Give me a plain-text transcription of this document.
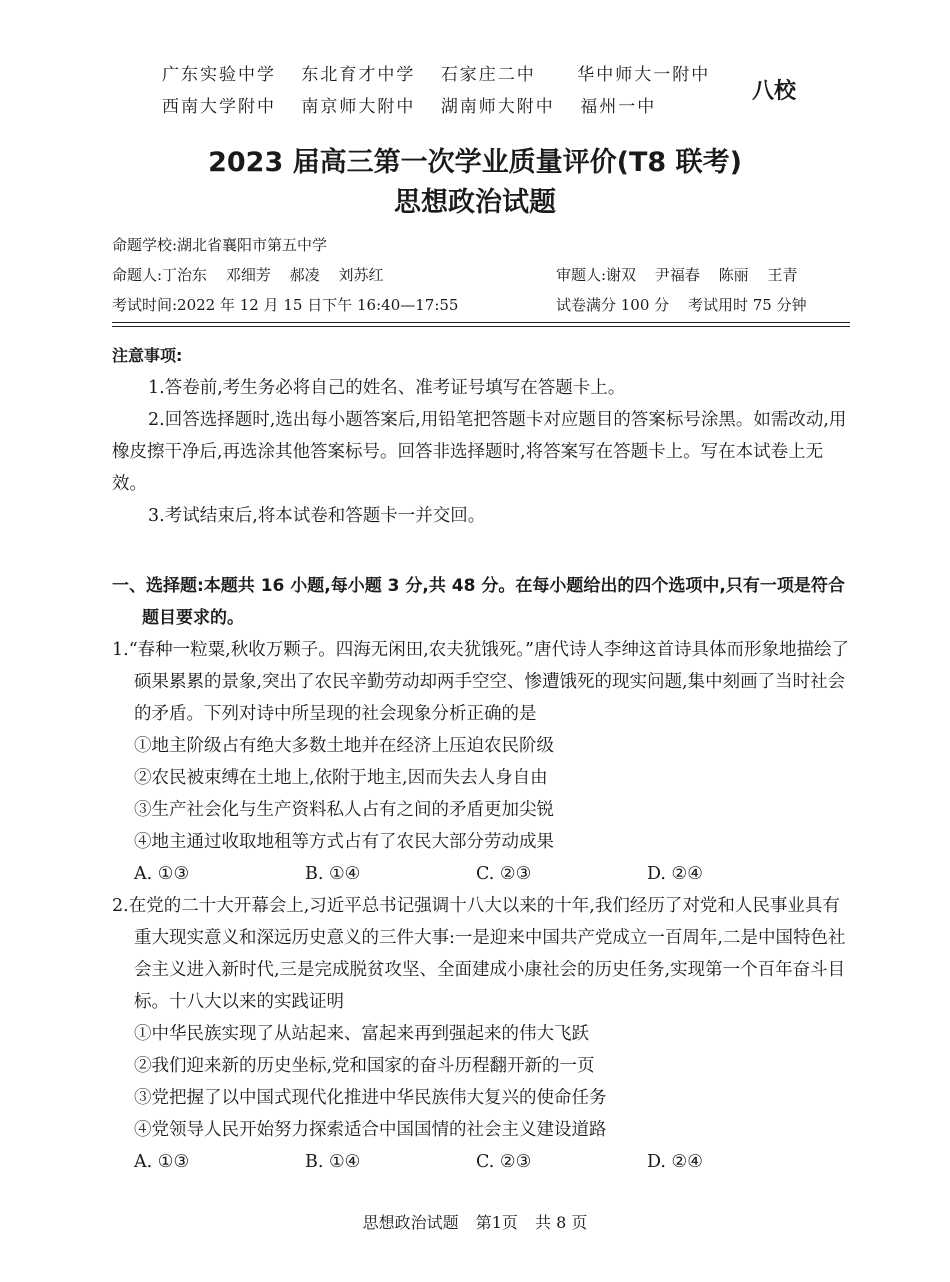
广东实验中学 东北育才中学 石家庄二中 华中师大一附中
西南大学附中 南京师大附中 湖南师大附中 福州一中
八校
2023 届高三第一次学业质量评价(T8 联考)
思想政治试题
命题学校:湖北省襄阳市第五中学
命题人:丁治东 邓细芳 郝凌 刘苏红	审题人:谢双 尹福春 陈丽 王青
考试时间:2022 年 12 月 15 日下午 16:40—17:55	试卷满分 100 分 考试用时 75 分钟
注意事项:
1.答卷前,考生务必将自己的姓名、准考证号填写在答题卡上。
2.回答选择题时,选出每小题答案后,用铅笔把答题卡对应题目的答案标号涂黑。如需改动,用橡皮擦干净后,再选涂其他答案标号。回答非选择题时,将答案写在答题卡上。写在本试卷上无效。
3.考试结束后,将本试卷和答题卡一并交回。
一、选择题:本题共 16 小题,每小题 3 分,共 48 分。在每小题给出的四个选项中,只有一项是符合题目要求的。
1.“春种一粒粟,秋收万颗子。四海无闲田,农夫犹饿死。”唐代诗人李绅这首诗具体而形象地描绘了硕果累累的景象,突出了农民辛勤劳动却两手空空、惨遭饿死的现实问题,集中刻画了当时社会的矛盾。下列对诗中所呈现的社会现象分析正确的是
①地主阶级占有绝大多数土地并在经济上压迫农民阶级
②农民被束缚在土地上,依附于地主,因而失去人身自由
③生产社会化与生产资料私人占有之间的矛盾更加尖锐
④地主通过收取地租等方式占有了农民大部分劳动成果
A. ①③	B. ①④	C. ②③	D. ②④
2.在党的二十大开幕会上,习近平总书记强调十八大以来的十年,我们经历了对党和人民事业具有重大现实意义和深远历史意义的三件大事:一是迎来中国共产党成立一百周年,二是中国特色社会主义进入新时代,三是完成脱贫攻坚、全面建成小康社会的历史任务,实现第一个百年奋斗目标。十八大以来的实践证明
①中华民族实现了从站起来、富起来再到强起来的伟大飞跃
②我们迎来新的历史坐标,党和国家的奋斗历程翻开新的一页
③党把握了以中国式现代化推进中华民族伟大复兴的使命任务
④党领导人民开始努力探索适合中国国情的社会主义建设道路
A. ①③	B. ①④	C. ②③	D. ②④
思想政治试题 第1页 共 8 页
